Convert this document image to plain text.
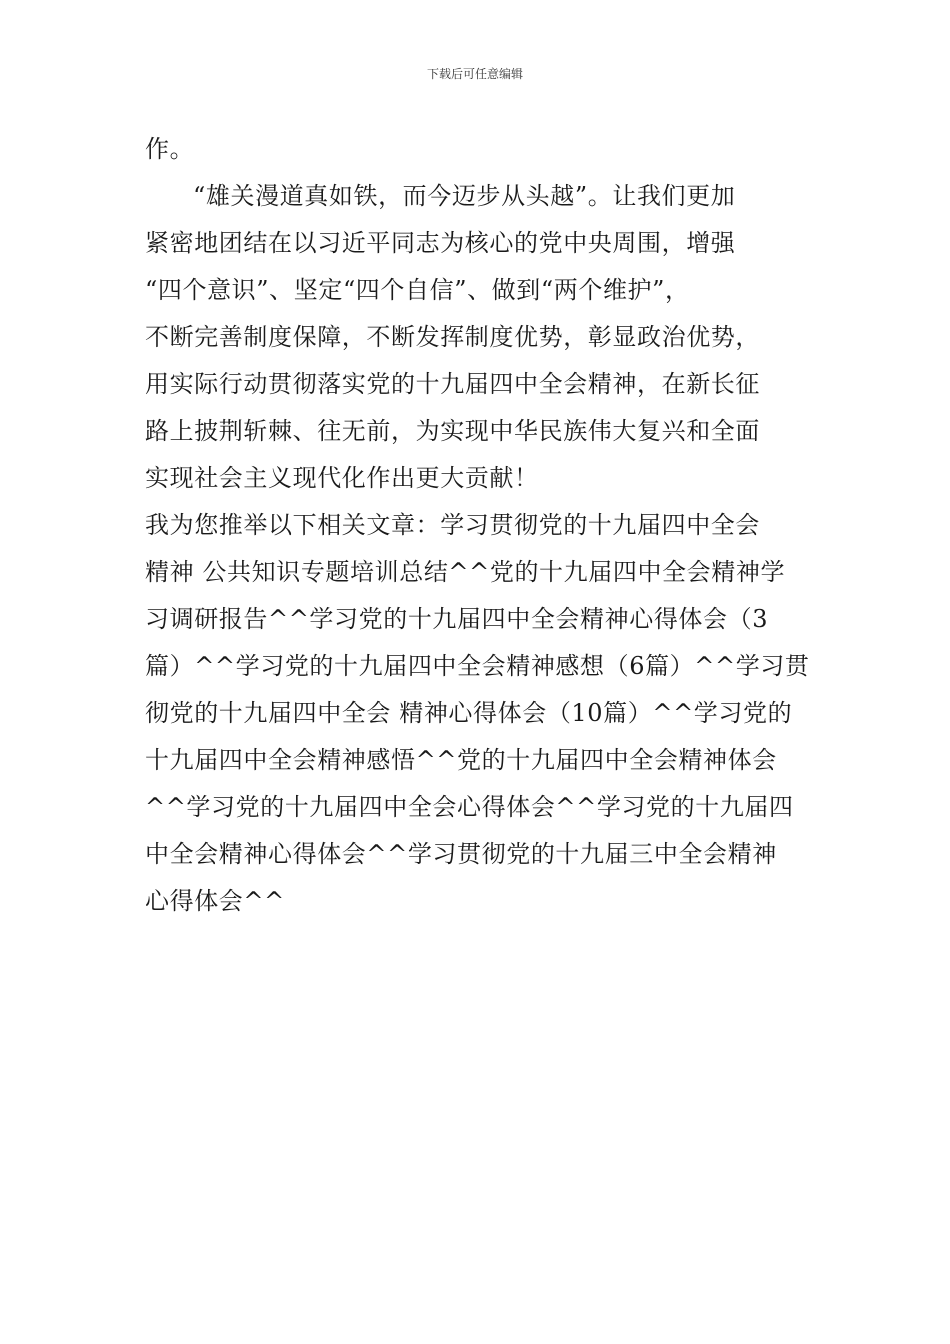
下载后可任意编辑
作。
“雄关漫道真如铁，而今迈步从头越”。让我们更加
紧密地团结在以习近平同志为核心的党中央周围，增强
“四个意识”、坚定“四个自信”、做到“两个维护”，
不断完善制度保障，不断发挥制度优势，彰显政治优势，
用实际行动贯彻落实党的十九届四中全会精神，在新长征
路上披荆斩棘、往无前，为实现中华民族伟大复兴和全面
实现社会主义现代化作出更大贡献！
我为您推举以下相关文章：学习贯彻党的十九届四中全会
精神 公共知识专题培训总结^^党的十九届四中全会精神学
习调研报告^^学习党的十九届四中全会精神心得体会（3
篇）^^学习党的十九届四中全会精神感想（6篇）^^学习贯
彻党的十九届四中全会 精神心得体会（10篇）^^学习党的
十九届四中全会精神感悟^^党的十九届四中全会精神体会
^^学习党的十九届四中全会心得体会^^学习党的十九届四
中全会精神心得体会^^学习贯彻党的十九届三中全会精神
心得体会^^
